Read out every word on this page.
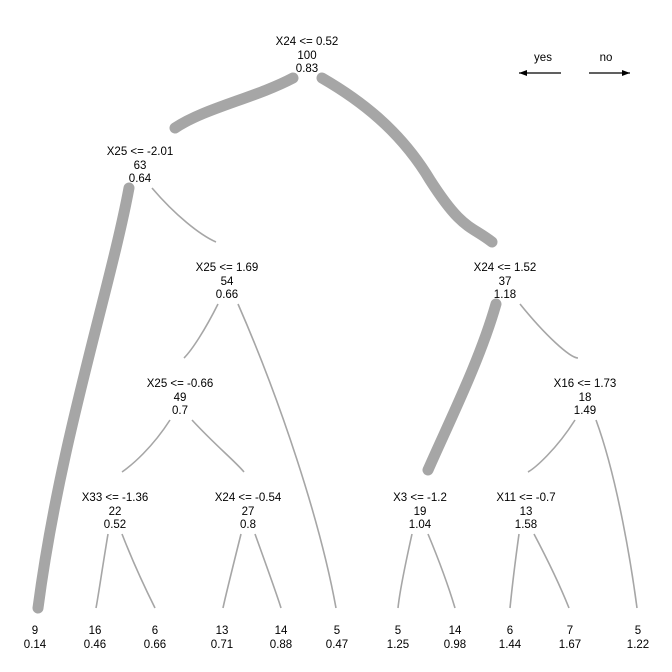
yes	no
X24 <= 0.52
100
0.83
X25 <= -2.01
63
0.64
X25 <= 1.69
54
0.66
X25 <= -0.66
49
0.7
X33 <= -1.36
22
0.52
X24 <= -0.54
27
0.8
X24 <= 1.52
37
1.18
X3 <= -1.2
19
1.04
X16 <= 1.73
18
1.49
X11 <= -0.7
13
1.58
9
0.14
16
0.46
6
0.66
13
0.71
14
0.88
5
0.47
5
1.25
14
0.98
6
1.44
7
1.67
5
1.22
